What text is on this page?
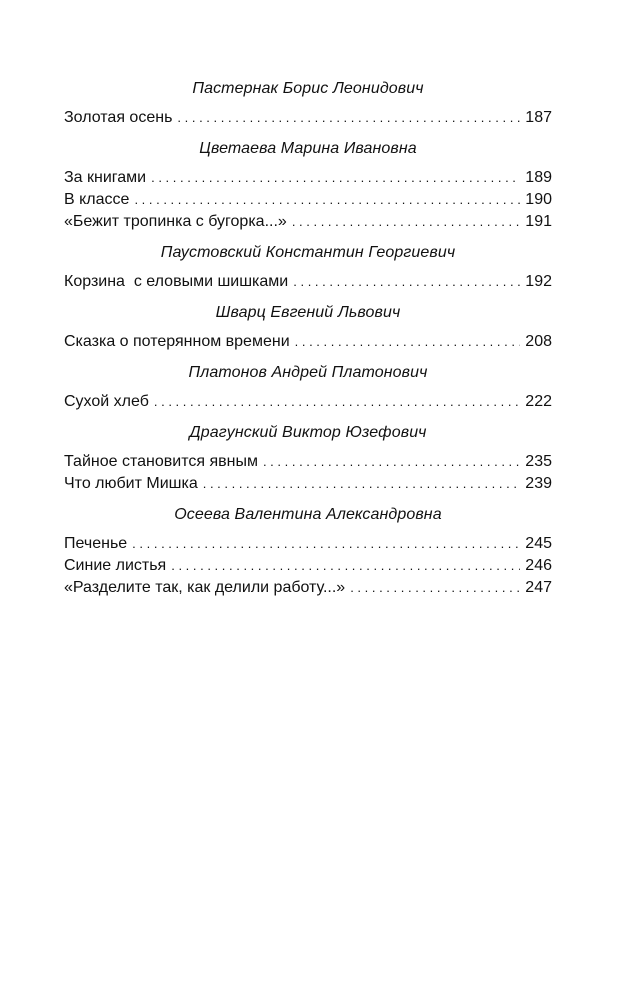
Пастернак Борис Леонидович
Золотая осень . . .	187
Цветаева Марина Ивановна
За книгами . . .	189
В классе . . .	190
«Бежит тропинка с бугорка...» . . .	191
Паустовский Константин Георгиевич
Корзина  с еловыми шишками . . .	192
Шварц Евгений Львович
Сказка о потерянном времени . . .	208
Платонов Андрей Платонович
Сухой хлеб . . .	222
Драгунский Виктор Юзефович
Тайное становится явным . . .	235
Что любит Мишка . . .	239
Осеева Валентина Александровна
Печенье . . .	245
Синие листья . . .	246
«Разделите так, как делили работу...» . . .	247
